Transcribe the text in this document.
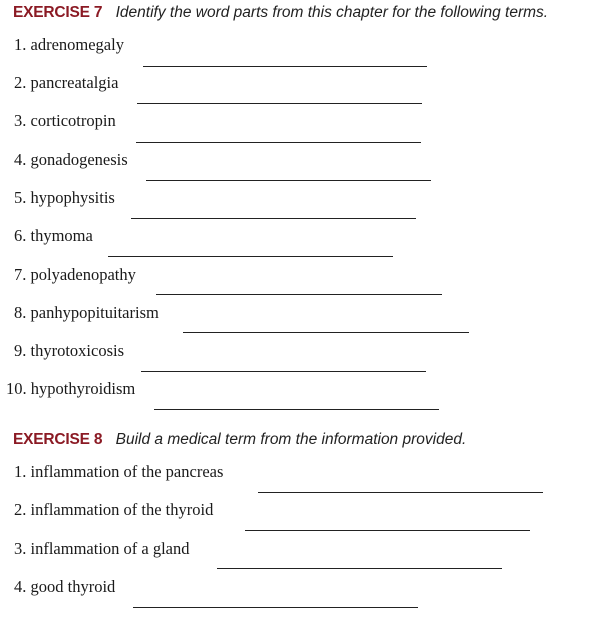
EXERCISE 7 Identify the word parts from this chapter for the following terms.
1. adrenomegaly
2. pancreatalgia
3. corticotropin
4. gonadogenesis
5. hypophysitis
6. thymoma
7. polyadenopathy
8. panhypopituitarism
9. thyrotoxicosis
10. hypothyroidism
EXERCISE 8 Build a medical term from the information provided.
1. inflammation of the pancreas
2. inflammation of the thyroid
3. inflammation of a gland
4. good thyroid
